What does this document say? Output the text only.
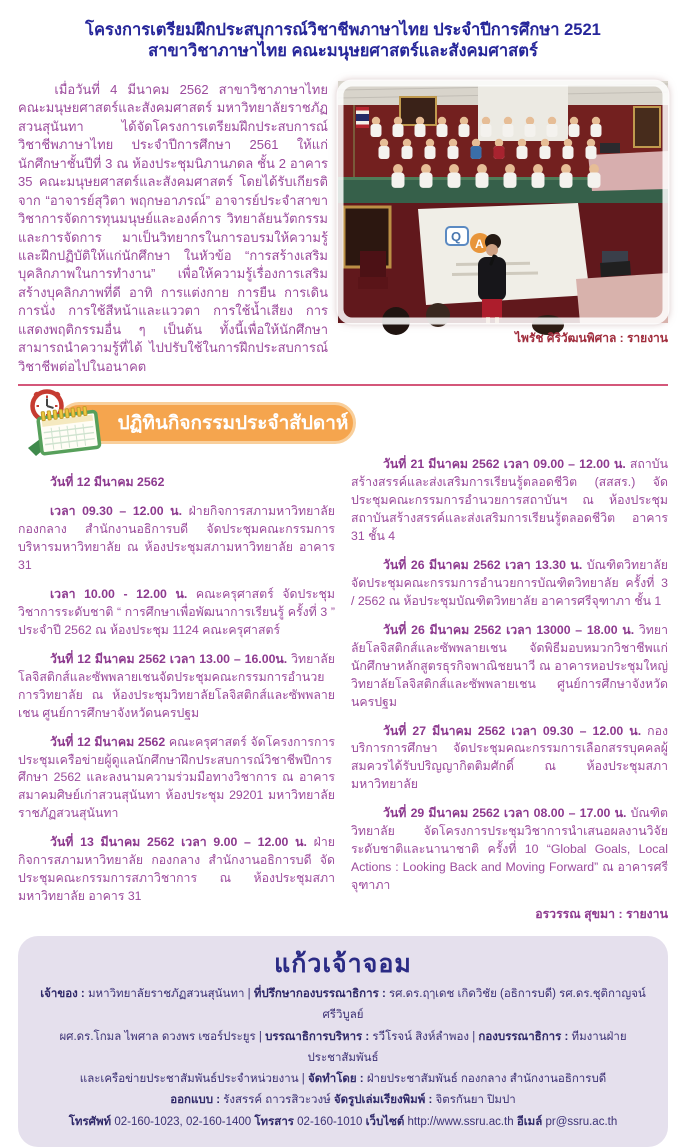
โครงการเตรียมฝึกประสบุการณ์วิชาชีพภาษาไทย ประจำปีการศึกษา 2521
สาขาวิชาภาษาไทย คณะมนุษยศาสตร์และสังคมศาสตร์

เมื่อวันที่ 4 มีนาคม 2562 สาขาวิชาภาษาไทย คณะมนุษยศาสตร์และสังคมศาสตร์ มหาวิทยาลัยราชภัฏสวนสุนันทา ได้จัดโครงการเตรียมฝึกประสบการณ์วิชาชีพภาษาไทย ประจำปีการศึกษา 2561 ให้แก่นักศึกษาชั้นปีที่ 3 ณ ห้องประชุมนิภานภดล ชั้น 2 อาคาร 35 คณะมนุษยศาสตร์และสังคมศาสตร์ โดยได้รับเกียรติจาก “อาจารย์สุวิตา พฤกษอาภรณ์” อาจารย์ประจำสาขาวิชาการจัดการทุนมนุษย์และองค์การ วิทยาลัยนวัตกรรมและการจัดการ มาเป็นวิทยากรในการอบรมให้ความรู้และฝึกปฏิบัติให้แก่นักศึกษา ในหัวข้อ “การสร้างเสริมบุคลิกภาพในการทำงาน” เพื่อให้ความรู้เรื่องการเสริมสร้างบุคลิกภาพที่ดี อาทิ การแต่งกาย การยืน การเดิน การนั่ง การใช้สีหน้าและแววตา การใช้น้ำเสียง การแสดงพฤติกรรมอื่น ๆ เป็นต้น ทั้งนี้เพื่อให้นักศึกษาสามารถนำความรู้ที่ได้ ไปปรับใช้ในการฝึกประสบการณ์วิชาชีพต่อไปในอนาคต

Q A
ไพรัช ศิริวัฒนพิศาล : รายงาน
ปฏิทินกิจกรรมประจำสัปดาห์

วันที่ 12 มีนาคม 2562

เวลา 09.30 – 12.00 น. ฝ่ายกิจการสภามหาวิทยาลัย กองกลาง สำนักงานอธิการบดี จัดประชุมคณะกรรมการบริหารมหาวิทยาลัย ณ ห้องประชุมสภามหาวิทยาลัย อาคาร 31

เวลา 10.00 - 12.00 น. คณะครุศาสตร์ จัดประชุมวิชาการระดับชาติ “ การศึกษาเพื่อพัฒนาการเรียนรู้ ครั้งที่ 3 ” ประจำปี 2562 ณ ห้องประชุม 1124 คณะครุศาสตร์

วันที่ 12 มีนาคม 2562 เวลา 13.00 – 16.00น. วิทยาลัยโลจิสติกส์และซัพพลายเชนจัดประชุมคณะกรรมการอำนวยการวิทยาลัย ณ ห้องประชุมวิทยาลัยโลจิสติกส์และซัพพลายเชน ศูนย์การศึกษาจังหวัดนครปฐม

วันที่ 12 มีนาคม 2562 คณะครุศาสตร์ จัดโครงการการประชุมเครือข่ายผู้ดูแลนักศึกษาฝึกประสบการณ์วิชาชีพปีการศึกษา 2562 และลงนามความร่วมมือทางวิชาการ ณ อาคารสมาคมศิษย์เก่าสวนสุนันทา ห้องประชุม 29201 มหาวิทยาลัยราชภัฏสวนสุนันทา

วันที่ 13 มีนาคม 2562 เวลา 9.00 – 12.00 น. ฝ่ายกิจการสภามหาวิทยาลัย กองกลาง สำนักงานอธิการบดี จัดประชุมคณะกรรมการสภาวิชาการ ณ ห้องประชุมสภามหาวิทยาลัย อาคาร 31

วันที่ 21 มีนาคม 2562 เวลา 09.00 – 12.00 น. สถาบันสร้างสรรค์และส่งเสริมการเรียนรู้ตลอดชีวิต (สสสร.) จัดประชุมคณะกรรมการอำนวยการสถาบันฯ ณ ห้องประชุมสถาบันสร้างสรรค์และส่งเสริมการเรียนรู้ตลอดชีวิต อาคาร 31 ชั้น 4

วันที่ 26 มีนาคม 2562 เวลา 13.30 น. บัณฑิตวิทยาลัย จัดประชุมคณะกรรมการอำนวยการบัณฑิตวิทยาลัย ครั้งที่ 3 / 2562 ณ ห้อประชุมบัณฑิตวิทยาลัย อาคารศรีจุฑาภา ชั้น 1

วันที่ 26 มีนาคม 2562 เวลา 13000 – 18.00 น. วิทยาลัยโลจิสติกส์และซัพพลายเชน จัดพิธีมอบหมวกวิชาชีพแก่นักศึกษาหลักสูตรธุรกิจพาณิชยนาวี ณ อาคารหอประชุมใหญ่ วิทยาลัยโลจิสติกส์และซัพพลายเชน ศูนย์การศึกษาจังหวัดนครปฐม

วันที่ 27 มีนาคม 2562 เวลา 09.30 – 12.00 น. กองบริการการศึกษา จัดประชุมคณะกรรมการเลือกสรรบุคคลผู้สมควรได้รับปริญญากิตติมศักดิ์ ณ ห้องประชุมสภามหาวิทยาลัย

วันที่ 29 มีนาคม 2562 เวลา 08.00 – 17.00 น. บัณฑิตวิทยาลัย จัดโครงการประชุมวิชาการนำเสนอผลงานวิจัยระดับชาติและนานาชาติ ครั้งที่ 10 “Global Goals, Local Actions : Looking Back and Moving Forward” ณ อาคารศรีจุฑาภา

อรวรรณ สุขมา : รายงาน
แก้วเจ้าจอม
เจ้าของ : มหาวิทยาลัยราชภัฏสวนสุนันทา | ที่ปรึกษากองบรรณาธิการ : รศ.ดร.ฤๅเดช เกิดวิชัย (อธิการบดี) รศ.ดร.ชุติกาญจน์ ศรีวิบูลย์
ผศ.ดร.โกมล ไพศาล ดวงพร เซอร์ประยูร | บรรณาธิการบริหาร : รวีโรจน์ สิงห์ลำพอง | กองบรรณาธิการ : ทีมงานฝ่ายประชาสัมพันธ์
และเครือข่ายประชาสัมพันธ์ประจำหน่วยงาน | จัดทำโดย : ฝ่ายประชาสัมพันธ์ กองกลาง สำนักงานอธิการบดี
ออกแบบ : รังสรรค์ ถาวรสิวะวงษ์ จัดรูปเล่มเรียงพิมพ์ : จิตรกันยา ปิมปา
โทรศัพท์ 02-160-1023, 02-160-1400 โทรสาร 02-160-1010 เว็บไซต์ http://www.ssru.ac.th อีเมล์ pr@ssru.ac.th
